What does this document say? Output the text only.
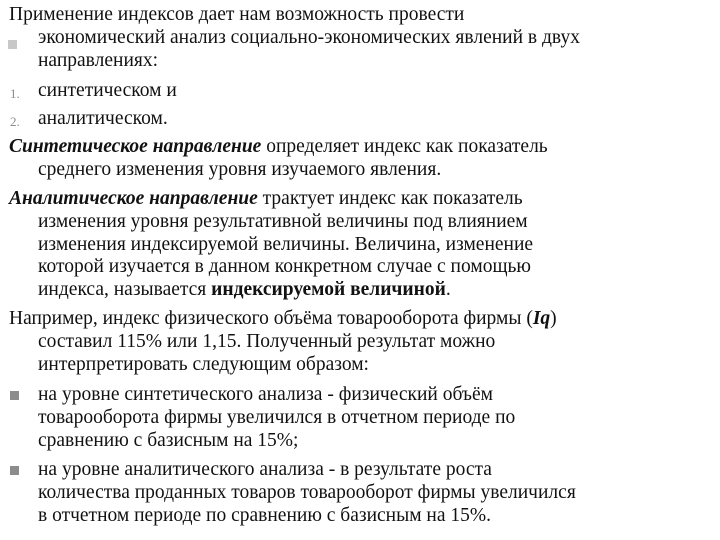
Применение индексов дает нам возможность провести
экономический анализ социально-экономических явлений в двух
направлениях:
1. синтетическом и
2. аналитическом.
Синтетическое направление определяет индекс как показатель
среднего изменения уровня изучаемого явления.
Аналитическое направление трактует индекс как показатель
изменения уровня результативной величины под влиянием
изменения индексируемой величины. Величина, изменение
которой изучается в данном конкретном случае с помощью
индекса, называется индексируемой величиной.
Например, индекс физического объёма товарооборота фирмы (Iq)
составил 115% или 1,15. Полученный результат можно
интерпретировать следующим образом:
на уровне синтетического анализа - физический объём
товарооборота фирмы увеличился в отчетном периоде по
сравнению с базисным на 15%;
на уровне аналитического анализа - в результате роста
количества проданных товаров товарооборот фирмы увеличился
в отчетном периоде по сравнению с базисным на 15%.
